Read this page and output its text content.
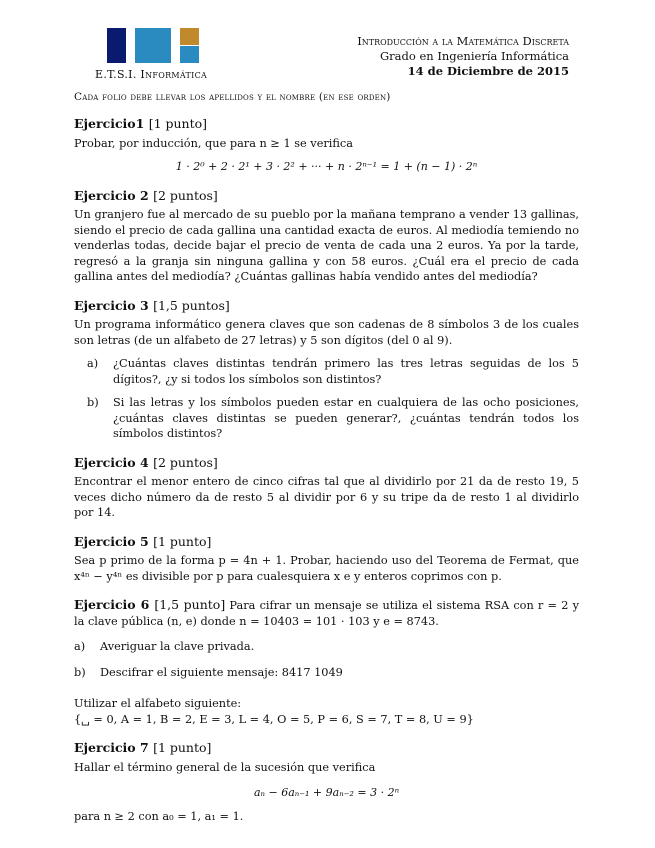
E.T.S.I. Informática
Introducción a la Matemática Discreta
Grado en Ingeniería Informática
14 de Diciembre de 2015
Cada folio debe llevar los apellidos y el nombre (en ese orden)
Ejercicio1 [1 punto]

Probar, por inducción, que para n ≥ 1 se verifica

1 · 2⁰ + 2 · 2¹ + 3 · 2² + ··· + n · 2ⁿ⁻¹ = 1 + (n − 1) · 2ⁿ
Ejercicio 2 [2 puntos]

Un granjero fue al mercado de su pueblo por la mañana temprano a vender 13 gallinas, siendo el precio de cada gallina una cantidad exacta de euros. Al mediodía temiendo no venderlas todas, decide bajar el precio de venta de cada una 2 euros. Ya por la tarde, regresó a la granja sin ninguna gallina y con 58 euros. ¿Cuál era el precio de cada gallina antes del mediodía? ¿Cuántas gallinas había vendido antes del mediodía?

Ejercicio 3 [1,5 puntos]

Un programa informático genera claves que son cadenas de 8 símbolos 3 de los cuales son letras (de un alfabeto de 27 letras) y 5 son dígitos (del 0 al 9).

a)	¿Cuántas claves distintas tendrán primero las tres letras seguidas de los 5 dígitos?, ¿y si todos los símbolos son distintos?
b)	Si las letras y los símbolos pueden estar en cualquiera de las ocho posiciones, ¿cuántas claves distintas se pueden generar?, ¿cuántas tendrán todos los símbolos distintos?
Ejercicio 4 [2 puntos]

Encontrar el menor entero de cinco cifras tal que al dividirlo por 21 da de resto 19, 5 veces dicho número da de resto 5 al dividir por 6 y su tripe da de resto 1 al dividirlo por 14.

Ejercicio 5 [1 punto]

Sea p primo de la forma p = 4n + 1. Probar, haciendo uso del Teorema de Fermat, que x⁴ⁿ − y⁴ⁿ es divisible por p para cualesquiera x e y enteros coprimos con p.

Ejercicio 6 [1,5 punto] Para cifrar un mensaje se utiliza el sistema RSA con r = 2 y la clave pública (n, e) donde n = 10403 = 101 · 103 y e = 8743.

a)	Averiguar la clave privada.
b)	Descifrar el siguiente mensaje: 8417 1049

Utilizar el alfabeto siguiente:

{␣ = 0, A = 1, B = 2, E = 3, L = 4, O = 5, P = 6, S = 7, T = 8, U = 9}

Ejercicio 7 [1 punto]

Hallar el término general de la sucesión que verifica

aₙ − 6aₙ₋₁ + 9aₙ₋₂ = 3 · 2ⁿ

para n ≥ 2 con a₀ = 1, a₁ = 1.
